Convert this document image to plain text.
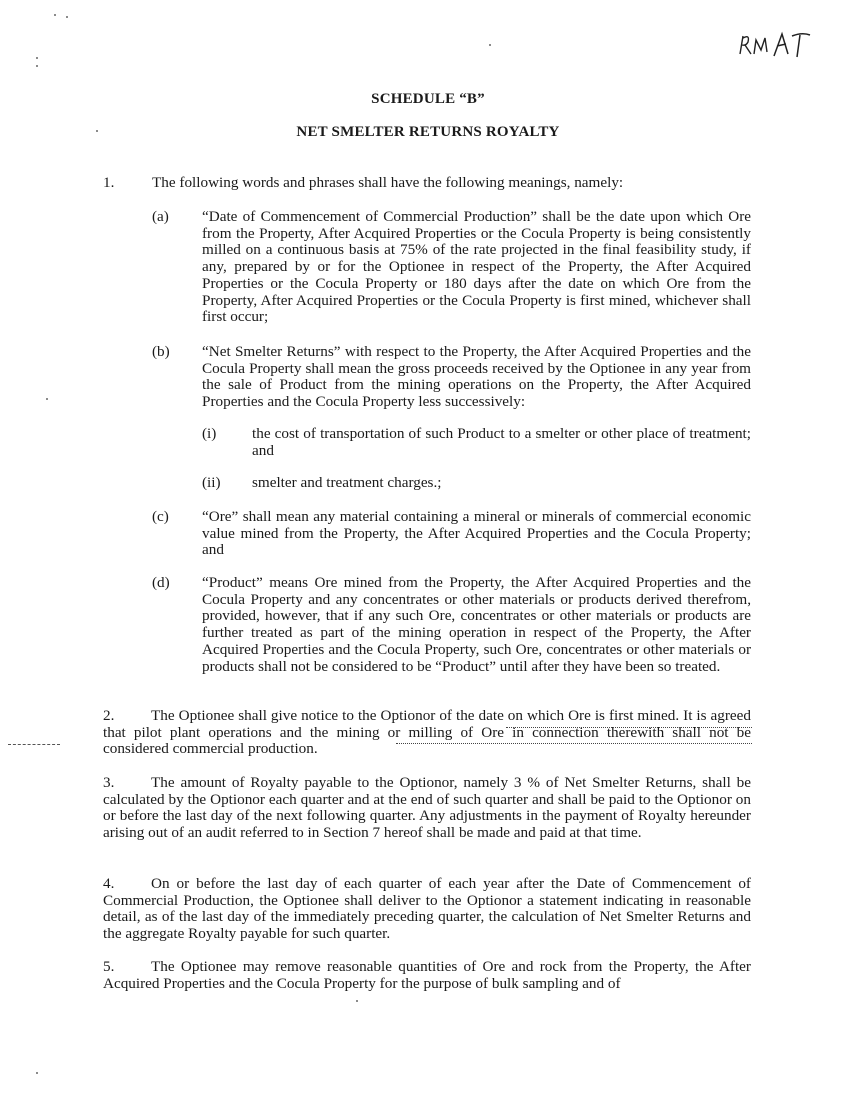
SCHEDULE “B”
NET SMELTER RETURNS ROYALTY
1. The following words and phrases shall have the following meanings, namely:
(a) “Date of Commencement of Commercial Production” shall be the date upon which Ore from the Property, After Acquired Properties or the Cocula Property is being consistently milled on a continuous basis at 75% of the rate projected in the final feasibility study, if any, prepared by or for the Optionee in respect of the Property, the After Acquired Properties or the Cocula Property or 180 days after the date on which Ore from the Property, After Acquired Properties or the Cocula Property is first mined, whichever shall first occur;

(b) “Net Smelter Returns” with respect to the Property, the After Acquired Properties and the Cocula Property shall mean the gross proceeds received by the Optionee in any year from the sale of Product from the mining operations on the Property, the After Acquired Properties and the Cocula Property less successively:

(i) the cost of transportation of such Product to a smelter or other place of treatment; and

(ii) smelter and treatment charges.;

(c) “Ore” shall mean any material containing a mineral or minerals of commercial economic value mined from the Property, the After Acquired Properties and the Cocula Property; and

(d) “Product” means Ore mined from the Property, the After Acquired Properties and the Cocula Property and any concentrates or other materials or products derived therefrom, provided, however, that if any such Ore, concentrates or other materials or products are further treated as part of the mining operation in respect of the Property, the After Acquired Properties and the Cocula Property, such Ore, concentrates or other materials or products shall not be considered to be “Product” until after they have been so treated.

2.	The Optionee shall give notice to the Optionor of the date on which Ore is first mined. It is agreed that pilot plant operations and the mining or milling of Ore in connection therewith shall not be considered commercial production.

3.	The amount of Royalty payable to the Optionor, namely 3 % of Net Smelter Returns, shall be calculated by the Optionor each quarter and at the end of such quarter and shall be paid to the Optionor on or before the last day of the next following quarter. Any adjustments in the payment of Royalty hereunder arising out of an audit referred to in Section 7 hereof shall be made and paid at that time.

4.	On or before the last day of each quarter of each year after the Date of Commencement of Commercial Production, the Optionee shall deliver to the Optionor a statement indicating in reasonable detail, as of the last day of the immediately preceding quarter, the calculation of Net Smelter Returns and the aggregate Royalty payable for such quarter.

5.	The Optionee may remove reasonable quantities of Ore and rock from the Property, the After Acquired Properties and the Cocula Property for the purpose of bulk sampling and of
